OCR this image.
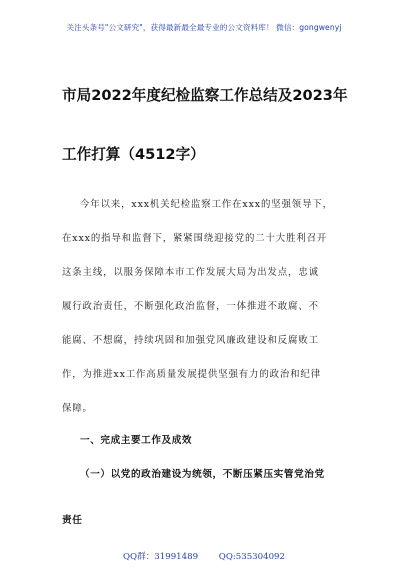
关注头条号"公文研究"，获得最新最全最专业的公文资料库！ 微信：gongwenyj
市局2022年度纪检监察工作总结及2023年
工作打算（4512字）
今年以来，xxx机关纪检监察工作在xxx的坚强领导下，
在xxx的指导和监督下，紧紧围绕迎接党的二十大胜利召开
这条主线，以服务保障本市工作发展大局为出发点，忠诚
履行政治责任，不断强化政治监督，一体推进不敢腐、不
能腐、不想腐，持续巩固和加强党风廉政建设和反腐败工
作，为推进xx工作高质量发展提供坚强有力的政治和纪律
保障。
一、完成主要工作及成效
（一）以党的政治建设为统领，不断压紧压实管党治党
责任
QQ群：31991489 QQ:535304092
